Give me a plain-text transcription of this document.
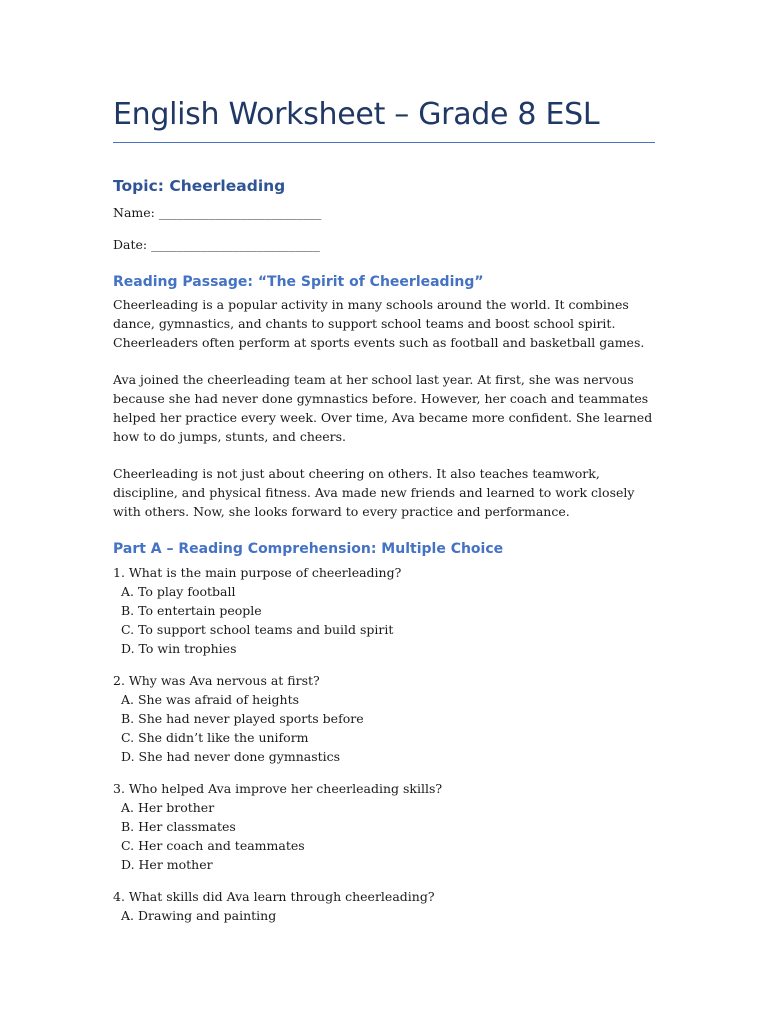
English Worksheet – Grade 8 ESL
Topic: Cheerleading

Name: __________________________

Date: ___________________________

Reading Passage: “The Spirit of Cheerleading”

Cheerleading is a popular activity in many schools around the world. It combines dance, gymnastics, and chants to support school teams and boost school spirit. Cheerleaders often perform at sports events such as football and basketball games.

Ava joined the cheerleading team at her school last year. At first, she was nervous because she had never done gymnastics before. However, her coach and teammates helped her practice every week. Over time, Ava became more confident. She learned how to do jumps, stunts, and cheers.

Cheerleading is not just about cheering on others. It also teaches teamwork, discipline, and physical fitness. Ava made new friends and learned to work closely with others. Now, she looks forward to every practice and performance.

Part A – Reading Comprehension: Multiple Choice

1. What is the main purpose of cheerleading?

A. To play football

B. To entertain people

C. To support school teams and build spirit

D. To win trophies

2. Why was Ava nervous at first?

A. She was afraid of heights

B. She had never played sports before

C. She didn’t like the uniform

D. She had never done gymnastics

3. Who helped Ava improve her cheerleading skills?

A. Her brother

B. Her classmates

C. Her coach and teammates

D. Her mother

4. What skills did Ava learn through cheerleading?

A. Drawing and painting
